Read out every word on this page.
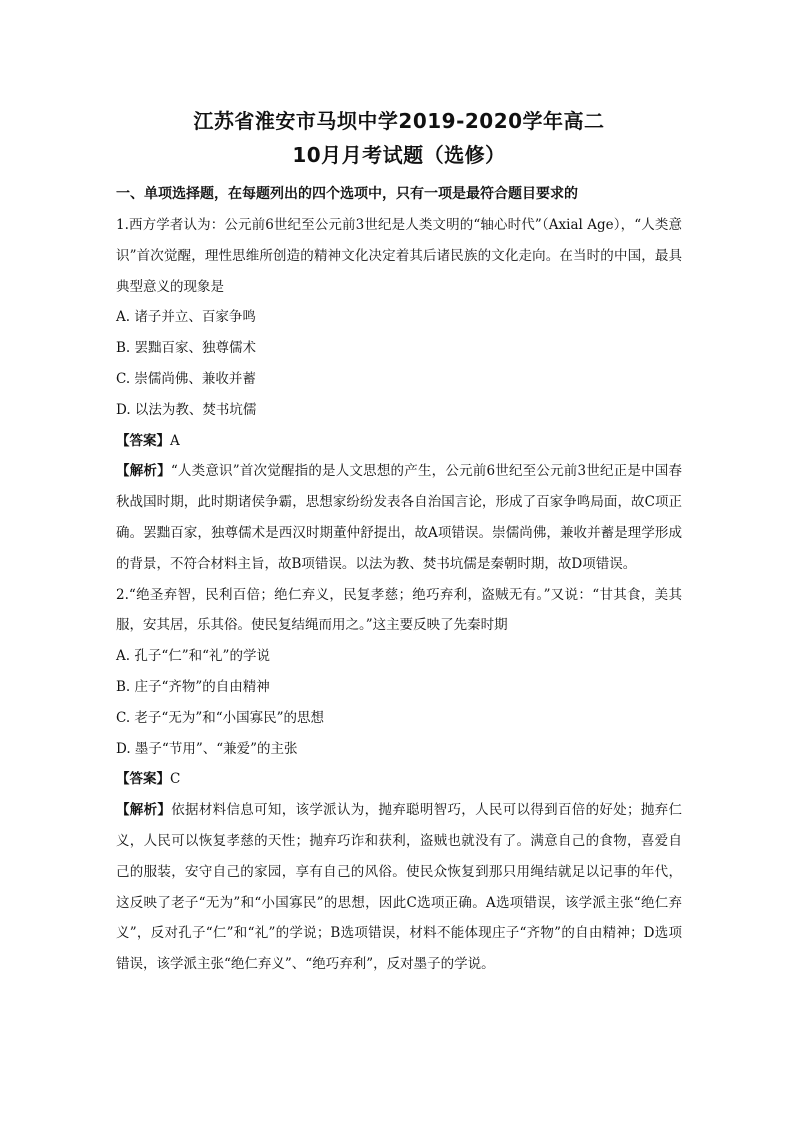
江苏省淮安市马坝中学2019-2020学年高二
10月月考试题（选修）

一、单项选择题，在每题列出的四个选项中，只有一项是最符合题目要求的

1.西方学者认为：公元前6世纪至公元前3世纪是人类文明的“轴心时代”（Axial Age），“人类意识”首次觉醒，理性思维所创造的精神文化决定着其后诸民族的文化走向。在当时的中国，最具典型意义的现象是

A. 诸子并立、百家争鸣

B. 罢黜百家、独尊儒术

C. 崇儒尚佛、兼收并蓄

D. 以法为教、焚书坑儒

【答案】A

【解析】“人类意识”首次觉醒指的是人文思想的产生，公元前6世纪至公元前3世纪正是中国春秋战国时期，此时期诸侯争霸，思想家纷纷发表各自治国言论，形成了百家争鸣局面，故C项正确。罢黜百家，独尊儒术是西汉时期董仲舒提出，故A项错误。崇儒尚佛，兼收并蓄是理学形成的背景，不符合材料主旨，故B项错误。以法为教、焚书坑儒是秦朝时期，故D项错误。

2.“绝圣弃智，民利百倍；绝仁弃义，民复孝慈；绝巧弃利，盗贼无有。”又说：“甘其食，美其服，安其居，乐其俗。使民复结绳而用之。”这主要反映了先秦时期

A. 孔子“仁”和“礼”的学说

B. 庄子“齐物”的自由精神

C. 老子“无为”和“小国寡民”的思想

D. 墨子“节用”、“兼爱”的主张

【答案】C

【解析】依据材料信息可知，该学派认为，抛弃聪明智巧，人民可以得到百倍的好处；抛弃仁义，人民可以恢复孝慈的天性；抛弃巧诈和获利，盗贼也就没有了。满意自己的食物，喜爱自己的服装，安守自己的家园，享有自己的风俗。使民众恢复到那只用绳结就足以记事的年代，这反映了老子“无为”和“小国寡民”的思想，因此C选项正确。A选项错误，该学派主张“绝仁弃义”，反对孔子“仁”和“礼”的学说；B选项错误，材料不能体现庄子“齐物”的自由精神；D选项错误，该学派主张“绝仁弃义”、“绝巧弃利”，反对墨子的学说。
